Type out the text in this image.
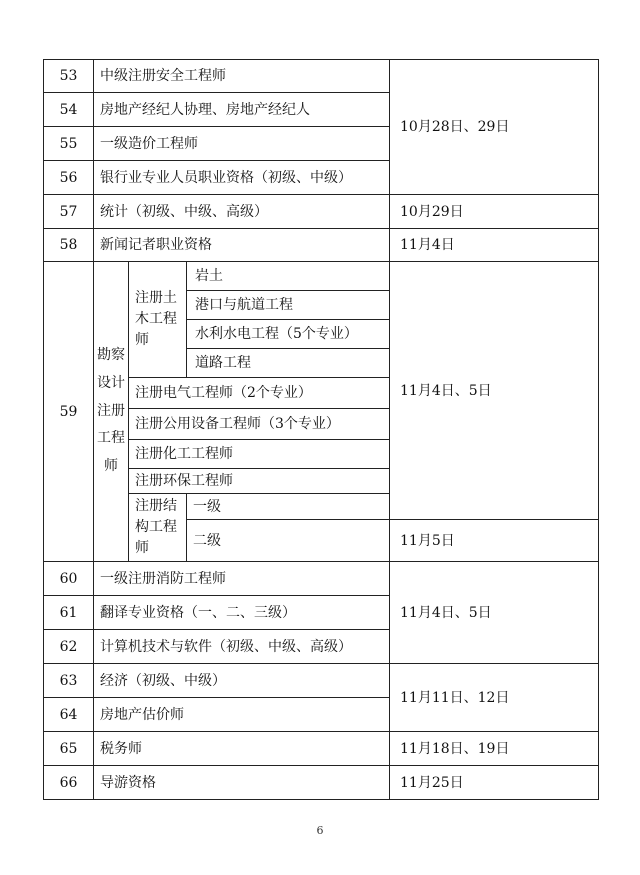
53	中级注册安全工程师			10月28日、29日
54	房地产经纪人协理、房地产经纪人			
55	一级造价工程师			
56	银行业专业人员职业资格（初级、中级）			
57	统计（初级、中级、高级）			10月29日
58	新闻记者职业资格			11月4日
59	勘察设计注册工程师	注册土木工程师	岩土	11月4日、5日
			港口与航道工程	
			水利水电工程（5个专业）	
			道路工程	
		注册电气工程师（2个专业）		
		注册公用设备工程师（3个专业）		
		注册化工工程师		
		注册环保工程师		
		注册结构工程师	一级	
			二级	11月5日

60	一级注册消防工程师			11月4日、5日
61	翻译专业资格（一、二、三级）			
62	计算机技术与软件（初级、中级、高级）			
63	经济（初级、中级）			11月11日、12日
64	房地产估价师			
65	税务师			11月18日、19日
66	导游资格			11月25日
6
